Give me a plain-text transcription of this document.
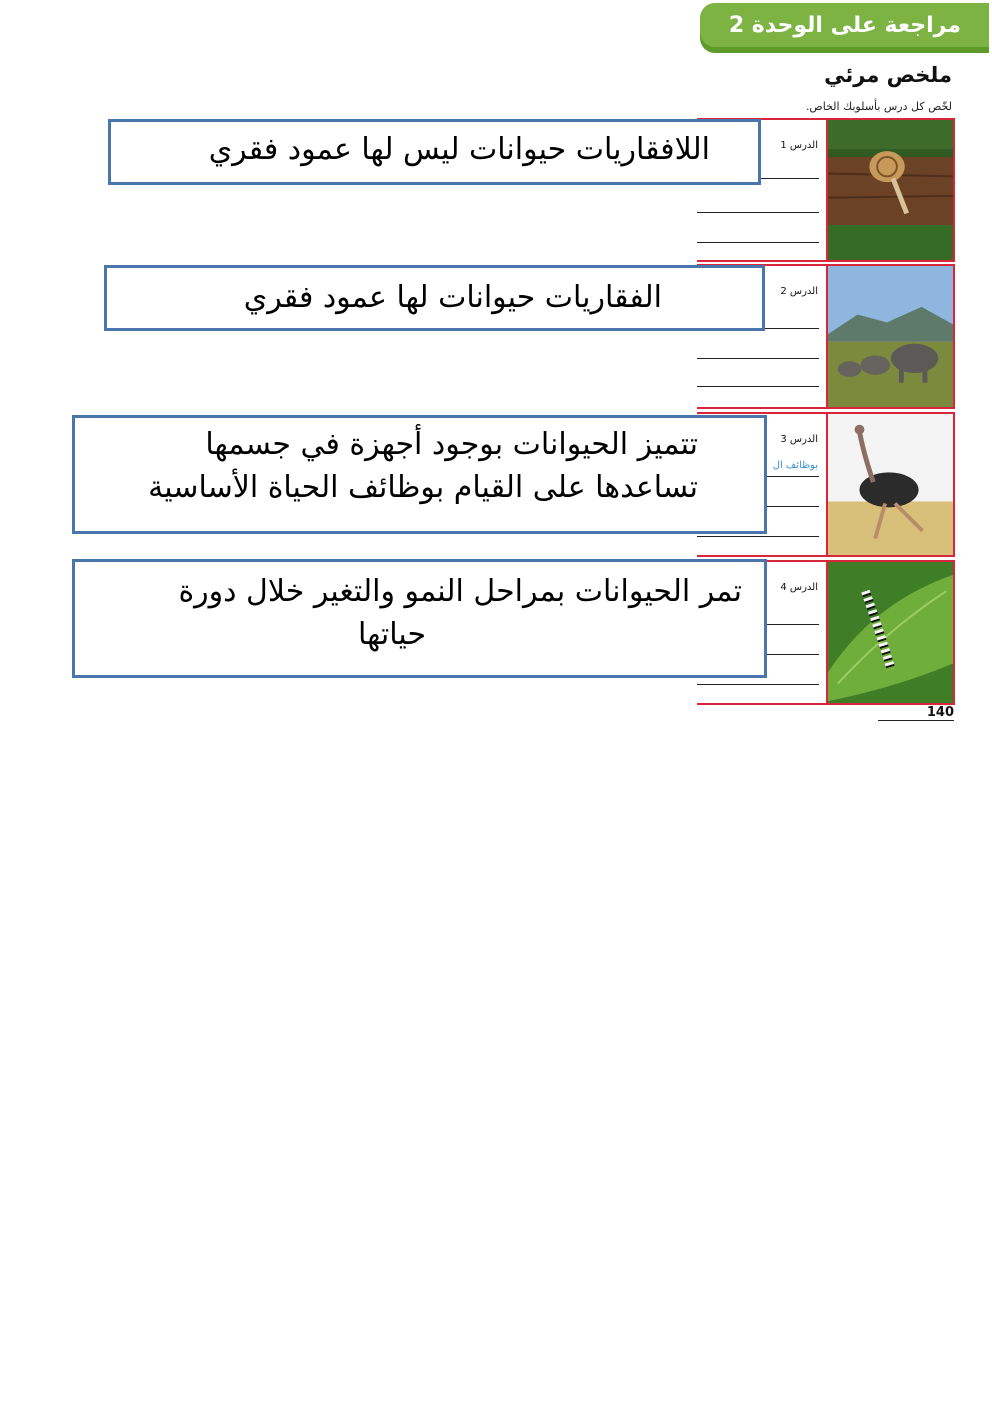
مراجعة على الوحدة 2
ملخص مرئي
لخّص كل درس بأسلوبك الخاص.
الدرس 1
الدرس 2
الدرس 3
بوظائف ال
الدرس 4
140
اللافقاريات حيوانات ليس لها عمود فقري
الفقاريات حيوانات لها عمود فقري
تتميز الحيوانات بوجود أجهزة في جسمها
تساعدها على القيام بوظائف الحياة الأساسية
تمر الحيوانات بمراحل النمو والتغير خلال دورة
حياتها
